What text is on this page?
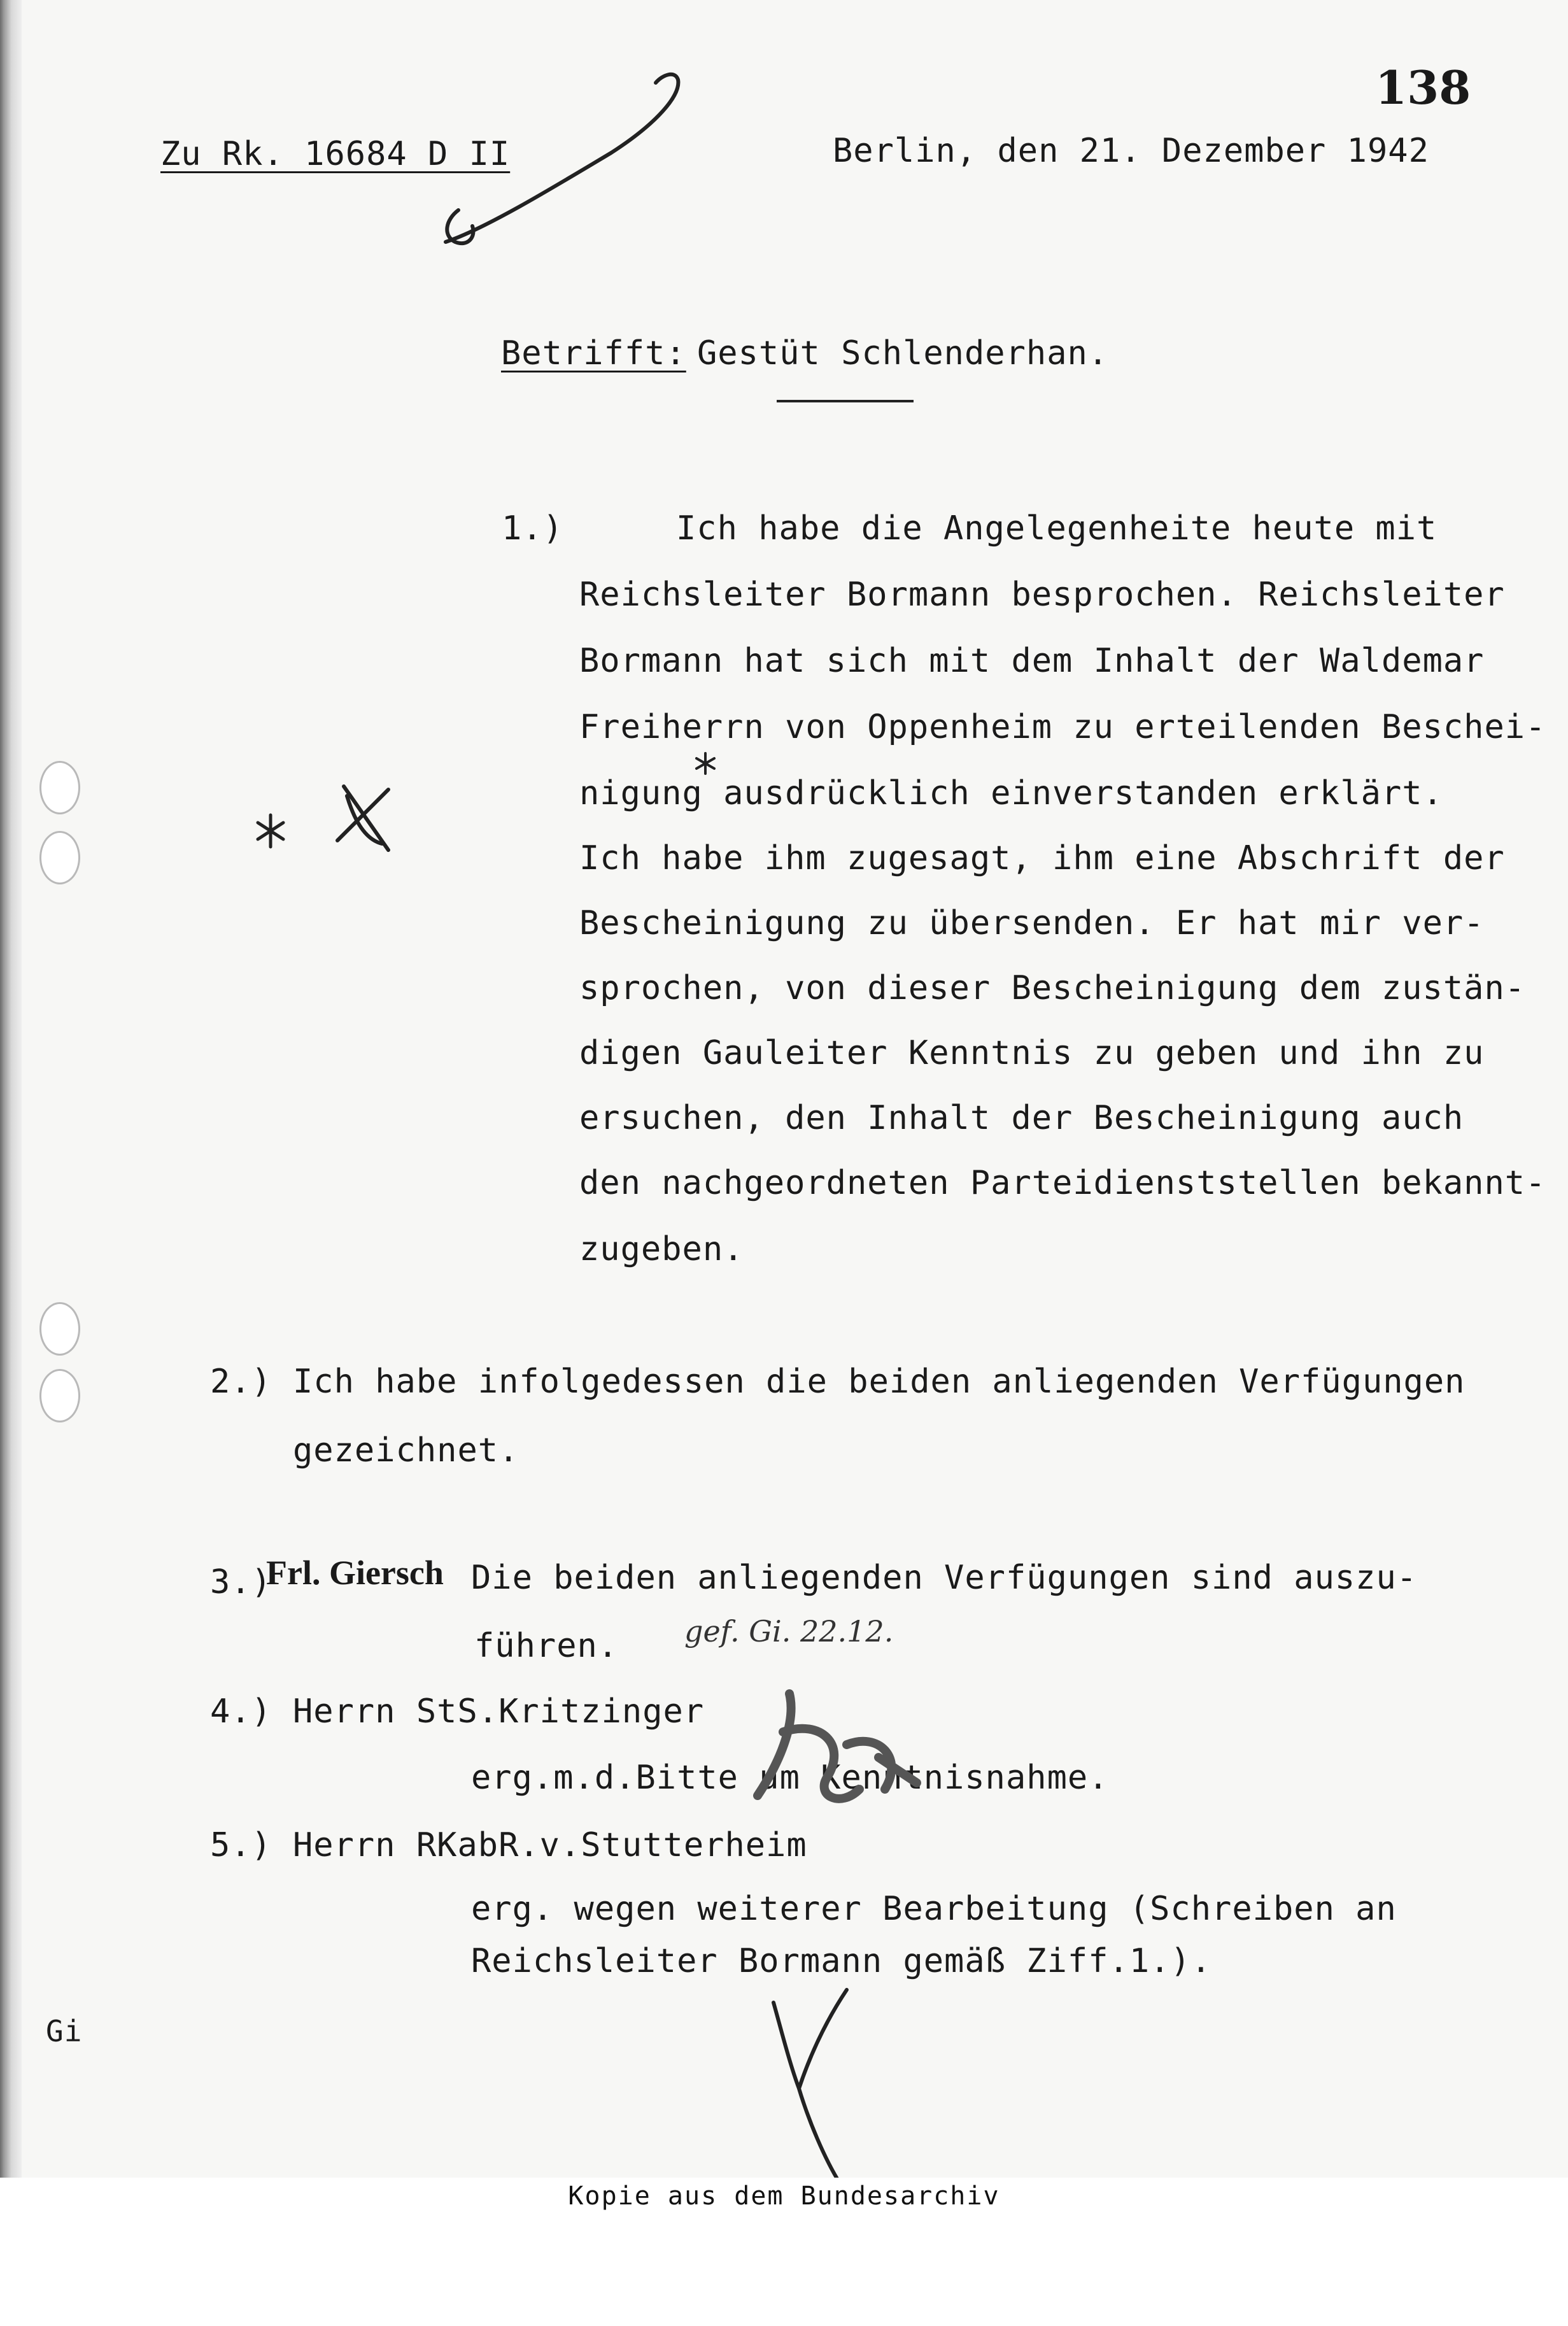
138
Zu Rk. 16684 D II	Berlin, den 21. Dezember 1942
Betrifft: Gestüt Schlenderhan.
1.)	Ich habe die Angelegenheite heute mit
Reichsleiter Bormann besprochen. Reichsleiter
Bormann hat sich mit dem Inhalt der Waldemar
Freiherrn von Oppenheim zu erteilenden Beschei-
nigung ausdrücklich einverstanden erklärt.
Ich habe ihm zugesagt, ihm eine Abschrift der
Bescheinigung zu übersenden. Er hat mir ver-
sprochen, von dieser Bescheinigung dem zustän-
digen Gauleiter Kenntnis zu geben und ihn zu
ersuchen, den Inhalt der Bescheinigung auch
den nachgeordneten Parteidienststellen bekannt-
zugeben.
2.) Ich habe infolgedessen die beiden anliegenden Verfügungen
gezeichnet.
3.)
Frl. Giersch Die beiden anliegenden Verfügungen sind auszu-
führen. gef. Gi. 22.12.
4.) Herrn StS.Kritzinger
erg.m.d.Bitte um Kenntnisnahme.
5.) Herrn RKabR.v.Stutterheim
erg. wegen weiterer Bearbeitung (Schreiben an
Reichsleiter Bormann gemäß Ziff.1.).
Gi
Kopie aus dem Bundesarchiv
